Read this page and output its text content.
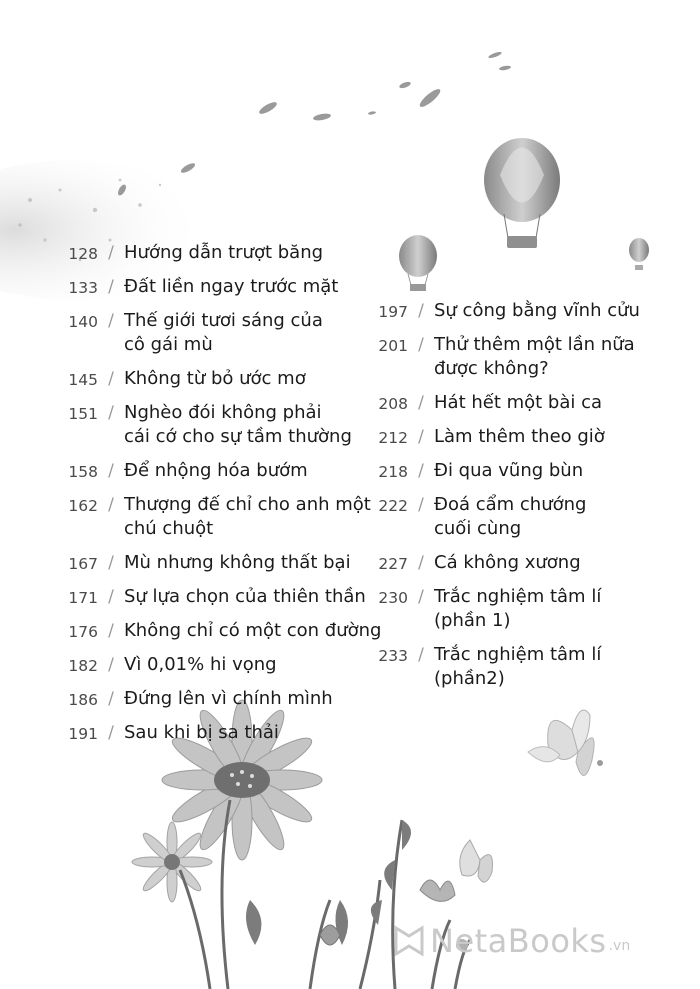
128 / Hướng dẫn trượt băng
133 / Đất liền ngay trước mặt
140 / Thế giới tươi sáng của
cô gái mù
145 / Không từ bỏ ước mơ
151 / Nghèo đói không phải
cái cớ cho sự tầm thường
158 / Để nhộng hóa bướm
162 / Thượng đế chỉ cho anh một
chú chuột
167 / Mù nhưng không thất bại
171 / Sự lựa chọn của thiên thần
176 / Không chỉ có một con đường
182 / Vì 0,01% hi vọng
186 / Đứng lên vì chính mình
191 / Sau khi bị sa thải
197 / Sự công bằng vĩnh cửu
201 / Thử thêm một lần nữa
được không?
208 / Hát hết một bài ca
212 / Làm thêm theo giờ
218 / Đi qua vũng bùn
222 / Đoá cẩm chướng
cuối cùng
227 / Cá không xương
230 / Trắc nghiệm tâm lí
(phần 1)
233 / Trắc nghiệm tâm lí
(phần2)
NetaBooks .vn
